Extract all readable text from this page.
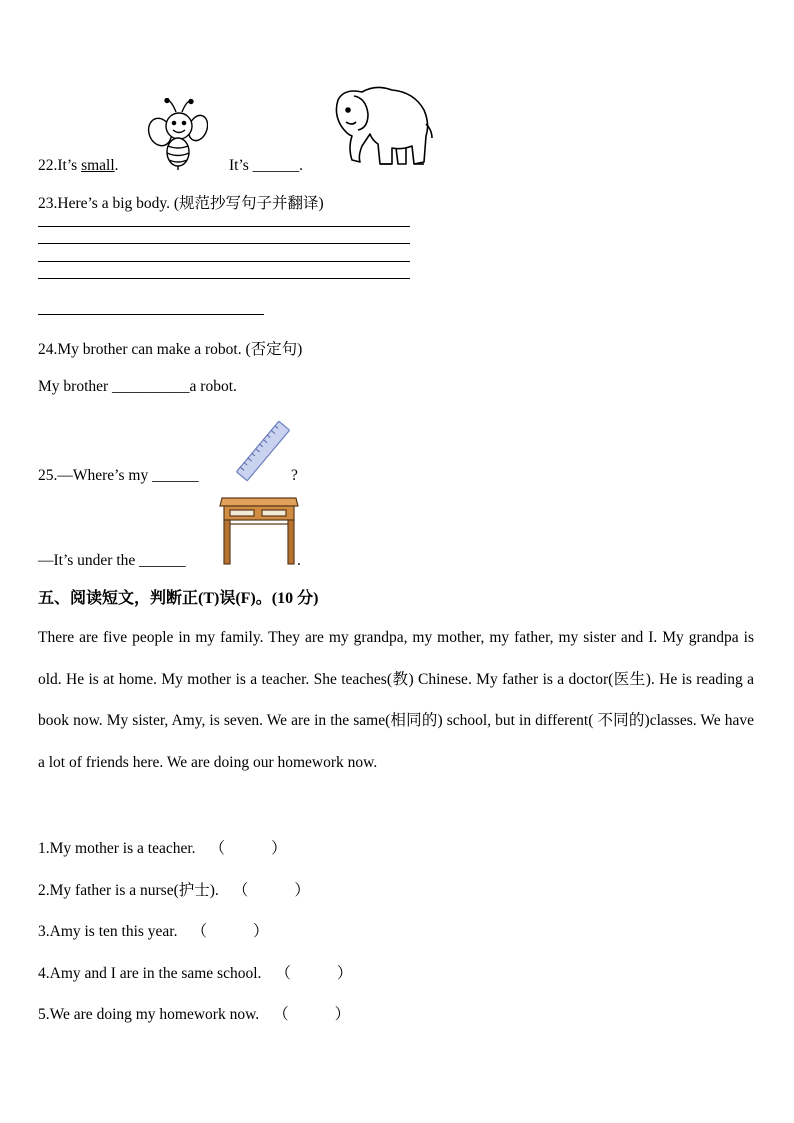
22.It’s small.	It’s ______.
23.Here’s a big body. (规范抄写句子并翻译)
24.My brother can make a robot. (否定句)
My brother __________a robot.
25.—Where’s my ______	?
—It’s under the ______	.
五、阅读短文，判断正(T)误(F)。(10 分)
There are five people in my family. They are my grandpa, my mother, my father, my sister and I. My grandpa is old. He is at home. My mother is a teacher. She teaches(教) Chinese. My father is a doctor(医生). He is reading a book now. My sister, Amy, is seven. We are in the same(相同的) school, but in different( 不同的)classes. We have a lot of friends here. We are doing our homework now.
1.My mother is a teacher. （	）
2.My father is a nurse(护士). （	）
3.Amy is ten this year. （	）
4.Amy and I are in the same school. （	）
5.We are doing my homework now. （	）
